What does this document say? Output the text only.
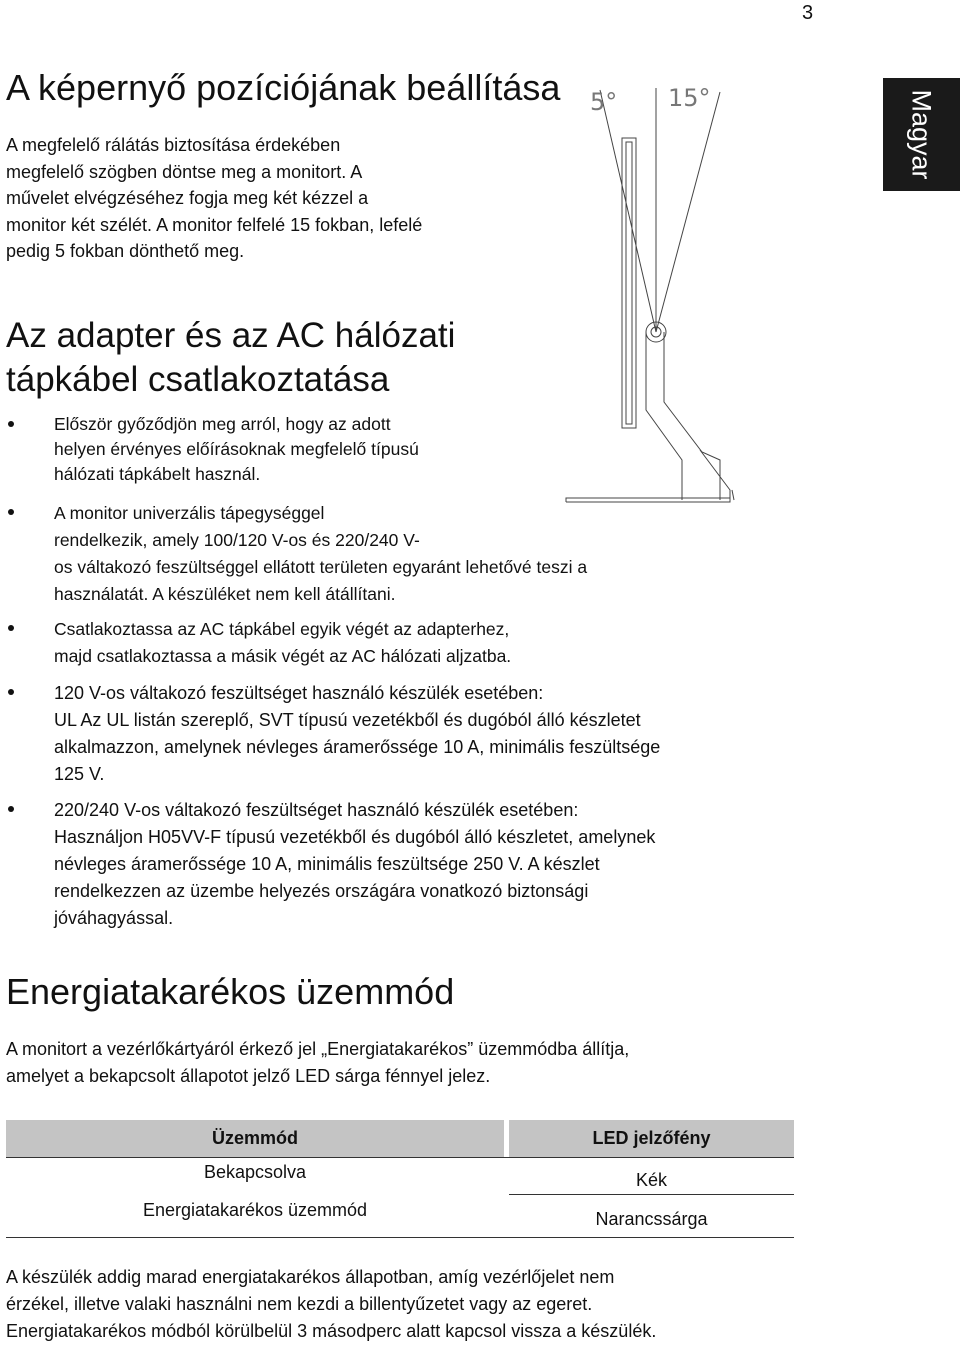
3
Magyar
A képernyő pozíciójának beállítása
A megfelelő rálátás biztosítása érdekében
megfelelő szögben döntse meg a monitort. A
művelet elvégzéséhez fogja meg két kézzel a
monitor két szélét. A monitor felfelé 15 fokban, lefelé
pedig 5 fokban dönthető meg.
5° 15°
Az adapter és az AC hálózati
tápkábel csatlakoztatása
Először győződjön meg arról, hogy az adott
helyen érvényes előírásoknak megfelelő típusú
hálózati tápkábelt használ.
A monitor univerzális tápegységgel
rendelkezik, amely 100/120 V-os és 220/240 V-
os váltakozó feszültséggel ellátott területen egyaránt lehetővé teszi a
használatát. A készüléket nem kell átállítani.
Csatlakoztassa az AC tápkábel egyik végét az adapterhez,
majd csatlakoztassa a másik végét az AC hálózati aljzatba.
120 V-os váltakozó feszültséget használó készülék esetében:
UL Az UL listán szereplő, SVT típusú vezetékből és dugóból álló készletet
alkalmazzon, amelynek névleges áramerőssége 10 A, minimális feszültsége
125 V.
220/240 V-os váltakozó feszültséget használó készülék esetében:
Használjon H05VV-F típusú vezetékből és dugóból álló készletet, amelynek
névleges áramerőssége 10 A, minimális feszültsége 250 V. A készlet
rendelkezzen az üzembe helyezés országára vonatkozó biztonsági
jóváhagyással.
Energiatakarékos üzemmód
A monitort a vezérlőkártyáról érkező jel „Energiatakarékos” üzemmódba állítja,
amelyet a bekapcsolt állapotot jelző LED sárga fénnyel jelez.
Üzemmód	LED jelzőfény
Bekapcsolva	Kék
Energiatakarékos üzemmód	Narancssárga
A készülék addig marad energiatakarékos állapotban, amíg vezérlőjelet nem
érzékel, illetve valaki használni nem kezdi a billentyűzetet vagy az egeret.
Energiatakarékos módból körülbelül 3 másodperc alatt kapcsol vissza a készülék.
